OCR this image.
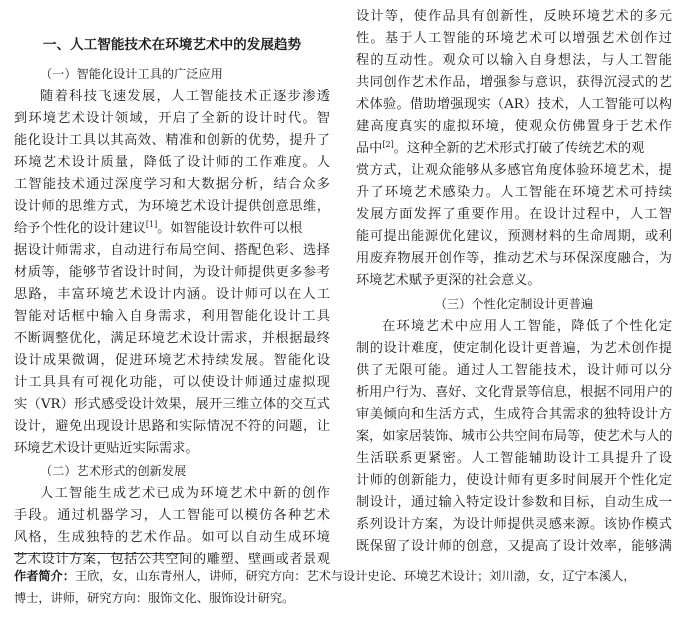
一、人工智能技术在环境艺术中的发展趋势
（一）智能化设计工具的广泛应用
随着科技飞速发展，人工智能技术正逐步渗透
到环境艺术设计领域，开启了全新的设计时代。智
能化设计工具以其高效、精准和创新的优势，提升了
环境艺术设计质量，降低了设计师的工作难度。人
工智能技术通过深度学习和大数据分析，结合众多
设计师的思维方式，为环境艺术设计提供创意思维，
给予个性化的设计建议[1]。如智能设计软件可以根
据设计师需求，自动进行布局空间、搭配色彩、选择
材质等，能够节省设计时间，为设计师提供更多参考
思路，丰富环境艺术设计内涵。设计师可以在人工
智能对话框中输入自身需求，利用智能化设计工具
不断调整优化，满足环境艺术设计需求，并根据最终
设计成果微调，促进环境艺术持续发展。智能化设
计工具具有可视化功能，可以使设计师通过虚拟现
实（VR）形式感受设计效果，展开三维立体的交互式
设计，避免出现设计思路和实际情况不符的问题，让
环境艺术设计更贴近实际需求。
（二）艺术形式的创新发展
人工智能生成艺术已成为环境艺术中新的创作
手段。通过机器学习，人工智能可以模仿各种艺术
风格，生成独特的艺术作品。如可以自动生成环境
艺术设计方案，包括公共空间的雕塑、壁画或者景观
设计等，使作品具有创新性，反映环境艺术的多元
性。基于人工智能的环境艺术可以增强艺术创作过
程的互动性。观众可以输入自身想法，与人工智能
共同创作艺术作品，增强参与意识，获得沉浸式的艺
术体验。借助增强现实（AR）技术，人工智能可以构
建高度真实的虚拟环境，使观众仿佛置身于艺术作
品中[2]。这种全新的艺术形式打破了传统艺术的观
赏方式，让观众能够从多感官角度体验环境艺术，提
升了环境艺术感染力。人工智能在环境艺术可持续
发展方面发挥了重要作用。在设计过程中，人工智
能可提出能源优化建议，预测材料的生命周期，或利
用废弃物展开创作等，推动艺术与环保深度融合，为
环境艺术赋予更深的社会意义。
（三）个性化定制设计更普遍
在环境艺术中应用人工智能，降低了个性化定
制的设计难度，使定制化设计更普遍，为艺术创作提
供了无限可能。通过人工智能技术，设计师可以分
析用户行为、喜好、文化背景等信息，根据不同用户的
审美倾向和生活方式，生成符合其需求的独特设计方
案，如家居装饰、城市公共空间布局等，使艺术与人的
生活联系更紧密。人工智能辅助设计工具提升了设
计师的创新能力，使设计师有更多时间展开个性化定
制设计，通过输入特定设计参数和目标，自动生成一
系列设计方案，为设计师提供灵感来源。该协作模式
既保留了设计师的创意，又提高了设计效率，能够满
作者简介：王欣，女，山东青州人，讲师，研究方向：艺术与设计史论、环境艺术设计；刘川渤，女，辽宁本溪人，
博士，讲师，研究方向：服饰文化、服饰设计研究。
